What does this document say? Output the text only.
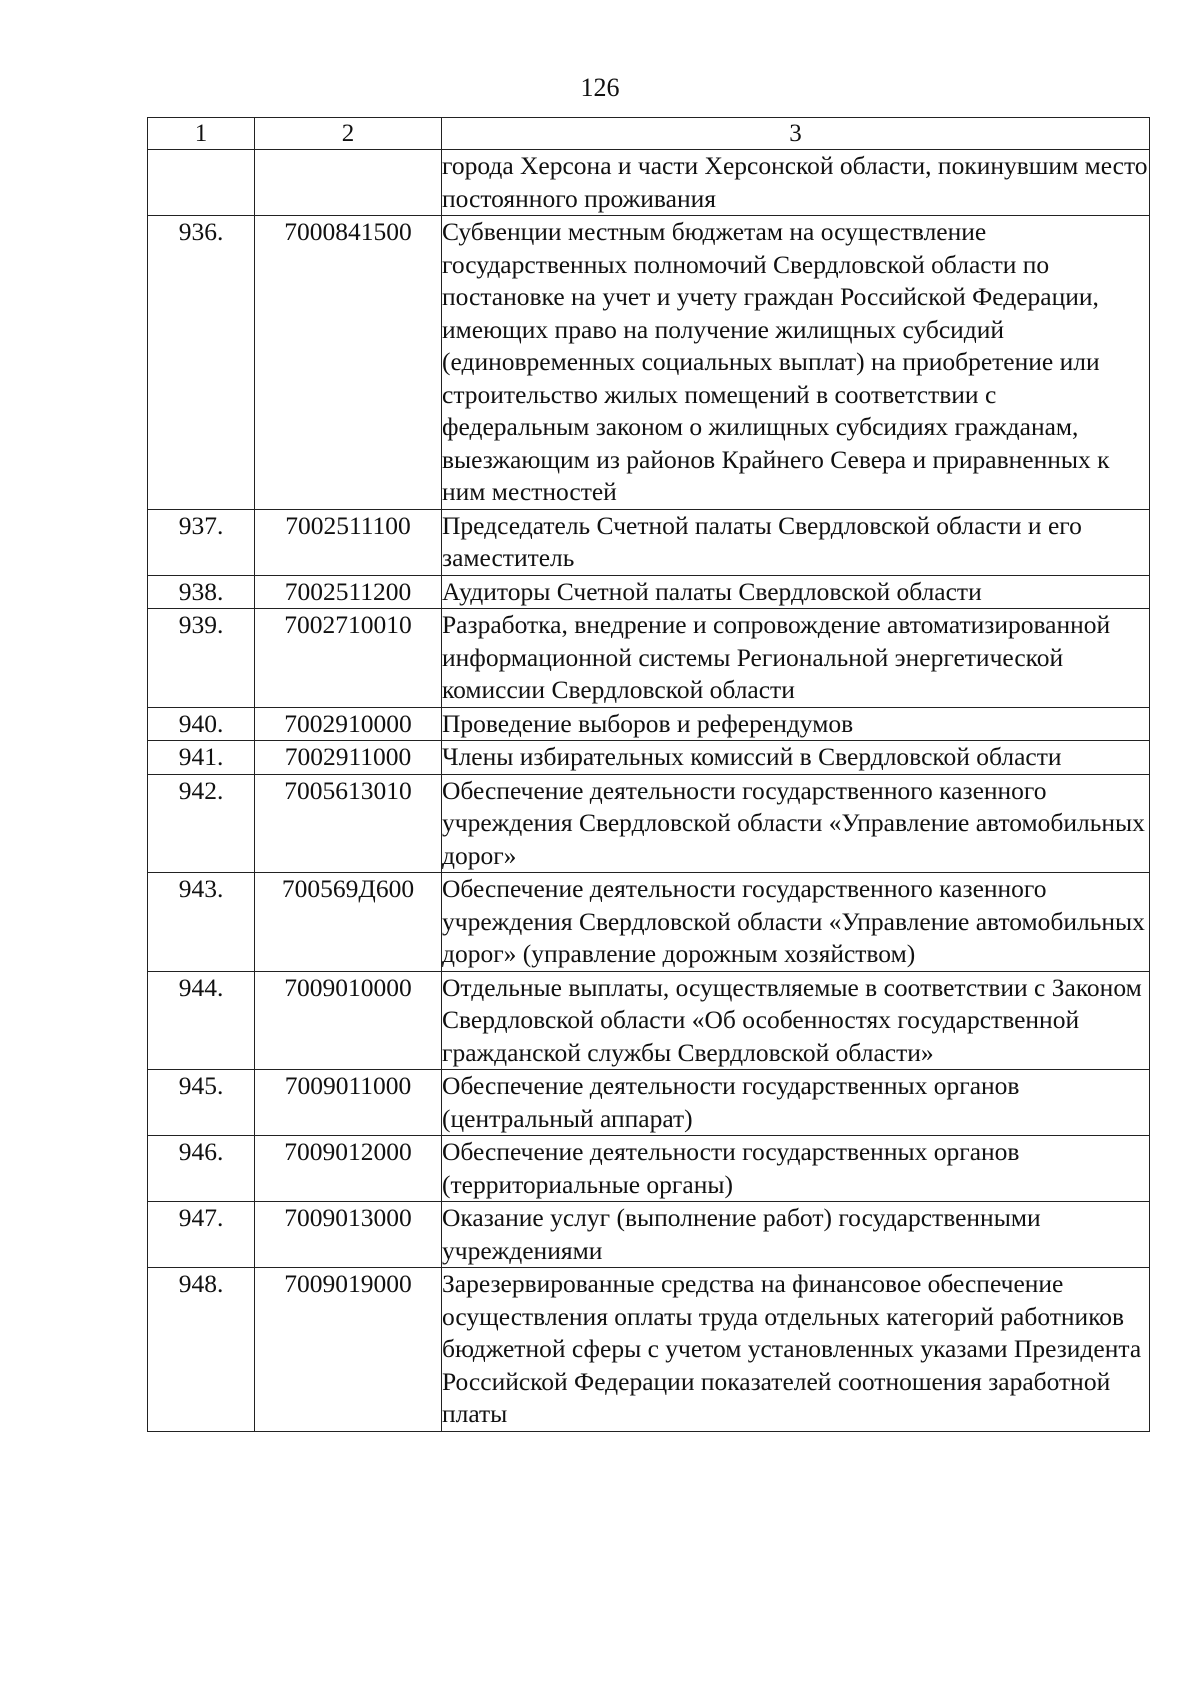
126
1	2	3
		города Херсона и части Херсонской области, покинувшим место постоянного проживания
936.	7000841500	Субвенции местным бюджетам на осуществление государственных полномочий Свердловской области по постановке на учет и учету граждан Российской Федерации, имеющих право на получение жилищных субсидий (единовременных социальных выплат) на приобретение или строительство жилых помещений в соответствии с федеральным законом о жилищных субсидиях гражданам, выезжающим из районов Крайнего Севера и приравненных к ним местностей
937.	7002511100	Председатель Счетной палаты Свердловской области и его заместитель
938.	7002511200	Аудиторы Счетной палаты Свердловской области
939.	7002710010	Разработка, внедрение и сопровождение автоматизированной информационной системы Региональной энергетической комиссии Свердловской области
940.	7002910000	Проведение выборов и референдумов
941.	7002911000	Члены избирательных комиссий в Свердловской области
942.	7005613010	Обеспечение деятельности государственного казенного учреждения Свердловской области «Управление автомобильных дорог»
943.	700569Д600	Обеспечение деятельности государственного казенного учреждения Свердловской области «Управление автомобильных дорог» (управление дорожным хозяйством)
944.	7009010000	Отдельные выплаты, осуществляемые в соответствии с Законом Свердловской области «Об особенностях государственной гражданской службы Свердловской области»
945.	7009011000	Обеспечение деятельности государственных органов (центральный аппарат)
946.	7009012000	Обеспечение деятельности государственных органов (территориальные органы)
947.	7009013000	Оказание услуг (выполнение работ) государственными учреждениями
948.	7009019000	Зарезервированные средства на финансовое обеспечение осуществления оплаты труда отдельных категорий работников бюджетной сферы с учетом установленных указами Президента Российской Федерации показателей соотношения заработной платы
